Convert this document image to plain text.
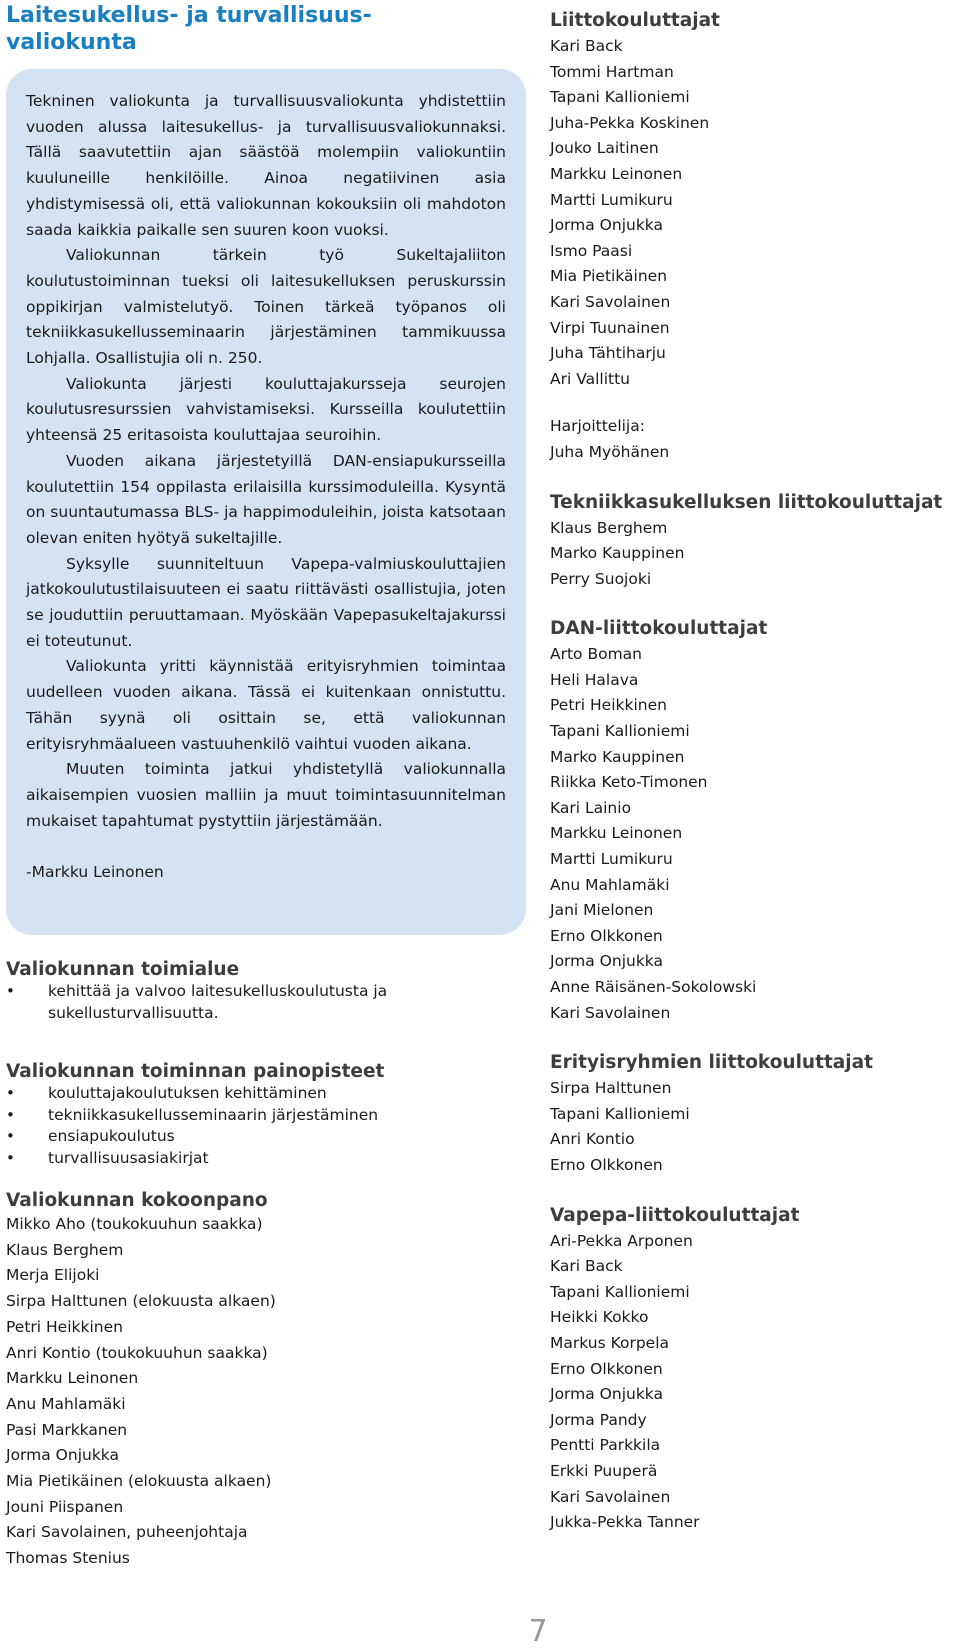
Laitesukellus- ja turvallisuus-valiokunta

Tekninen valiokunta ja turvallisuusvaliokunta yhdistettiin vuoden alussa laitesukellus- ja turvallisuusvaliokunnaksi. Tällä saavutettiin ajan säästöä molempiin valiokuntiin kuuluneille henkilöille. Ainoa negatiivinen asia yhdistymisessä oli, että valiokunnan kokouksiin oli mahdoton saada kaikkia paikalle sen suuren koon vuoksi.

Valiokunnan tärkein työ Sukeltajaliiton koulutustoiminnan tueksi oli laitesukelluksen peruskurssin oppikirjan valmistelutyö. Toinen tärkeä työpanos oli tekniikkasukellusseminaarin järjestäminen tammikuussa Lohjalla. Osallistujia oli n. 250.

Valiokunta järjesti kouluttajakursseja seurojen koulutusresurssien vahvistamiseksi. Kursseilla koulutettiin yhteensä 25 eritasoista kouluttajaa seuroihin.

Vuoden aikana järjestetyillä DAN-ensiapukursseilla koulutettiin 154 oppilasta erilaisilla kurssimoduleilla. Kysyntä on suuntautumassa BLS- ja happimoduleihin, joista katsotaan olevan eniten hyötyä sukeltajille.

Syksylle suunniteltuun Vapepa-valmiuskouluttajien jatkokoulutustilaisuuteen ei saatu riittävästi osallistujia, joten se jouduttiin peruuttamaan. Myöskään Vapepasukeltajakurssi ei toteutunut.

Valiokunta yritti käynnistää erityisryhmien toimintaa uudelleen vuoden aikana. Tässä ei kuitenkaan onnistuttu. Tähän syynä oli osittain se, että valiokunnan erityisryhmäalueen vastuuhenkilö vaihtui vuoden aikana.

Muuten toiminta jatkui yhdistetyllä valiokunnalla aikaisempien vuosien malliin ja muut toimintasuunnitelman mukaiset tapahtumat pystyttiin järjestämään.

-Markku Leinonen

Valiokunnan toimialue
• kehittää ja valvoo laitesukelluskoulutusta ja sukellusturvallisuutta.
Valiokunnan toiminnan painopisteet
• kouluttajakoulutuksen kehittäminen
• tekniikkasukellusseminaarin järjestäminen
• ensiapukoulutus
• turvallisuusasiakirjat
Valiokunnan kokoonpano
Mikko Aho (toukokuuhun saakka)
Klaus Berghem
Merja Elijoki
Sirpa Halttunen (elokuusta alkaen)
Petri Heikkinen
Anri Kontio (toukokuuhun saakka)
Markku Leinonen
Anu Mahlamäki
Pasi Markkanen
Jorma Onjukka
Mia Pietikäinen (elokuusta alkaen)
Jouni Piispanen
Kari Savolainen, puheenjohtaja
Thomas Stenius
Liittokouluttajat
Kari Back
Tommi Hartman
Tapani Kallioniemi
Juha-Pekka Koskinen
Jouko Laitinen
Markku Leinonen
Martti Lumikuru
Jorma Onjukka
Ismo Paasi
Mia Pietikäinen
Kari Savolainen
Virpi Tuunainen
Juha Tähtiharju
Ari Vallittu
Harjoittelija:
Juha Myöhänen
Tekniikkasukelluksen liittokouluttajat
Klaus Berghem
Marko Kauppinen
Perry Suojoki
DAN-liittokouluttajat
Arto Boman
Heli Halava
Petri Heikkinen
Tapani Kallioniemi
Marko Kauppinen
Riikka Keto-Timonen
Kari Lainio
Markku Leinonen
Martti Lumikuru
Anu Mahlamäki
Jani Mielonen
Erno Olkkonen
Jorma Onjukka
Anne Räisänen-Sokolowski
Kari Savolainen
Erityisryhmien liittokouluttajat
Sirpa Halttunen
Tapani Kallioniemi
Anri Kontio
Erno Olkkonen
Vapepa-liittokouluttajat
Ari-Pekka Arponen
Kari Back
Tapani Kallioniemi
Heikki Kokko
Markus Korpela
Erno Olkkonen
Jorma Onjukka
Jorma Pandy
Pentti Parkkila
Erkki Puuperä
Kari Savolainen
Jukka-Pekka Tanner
7
